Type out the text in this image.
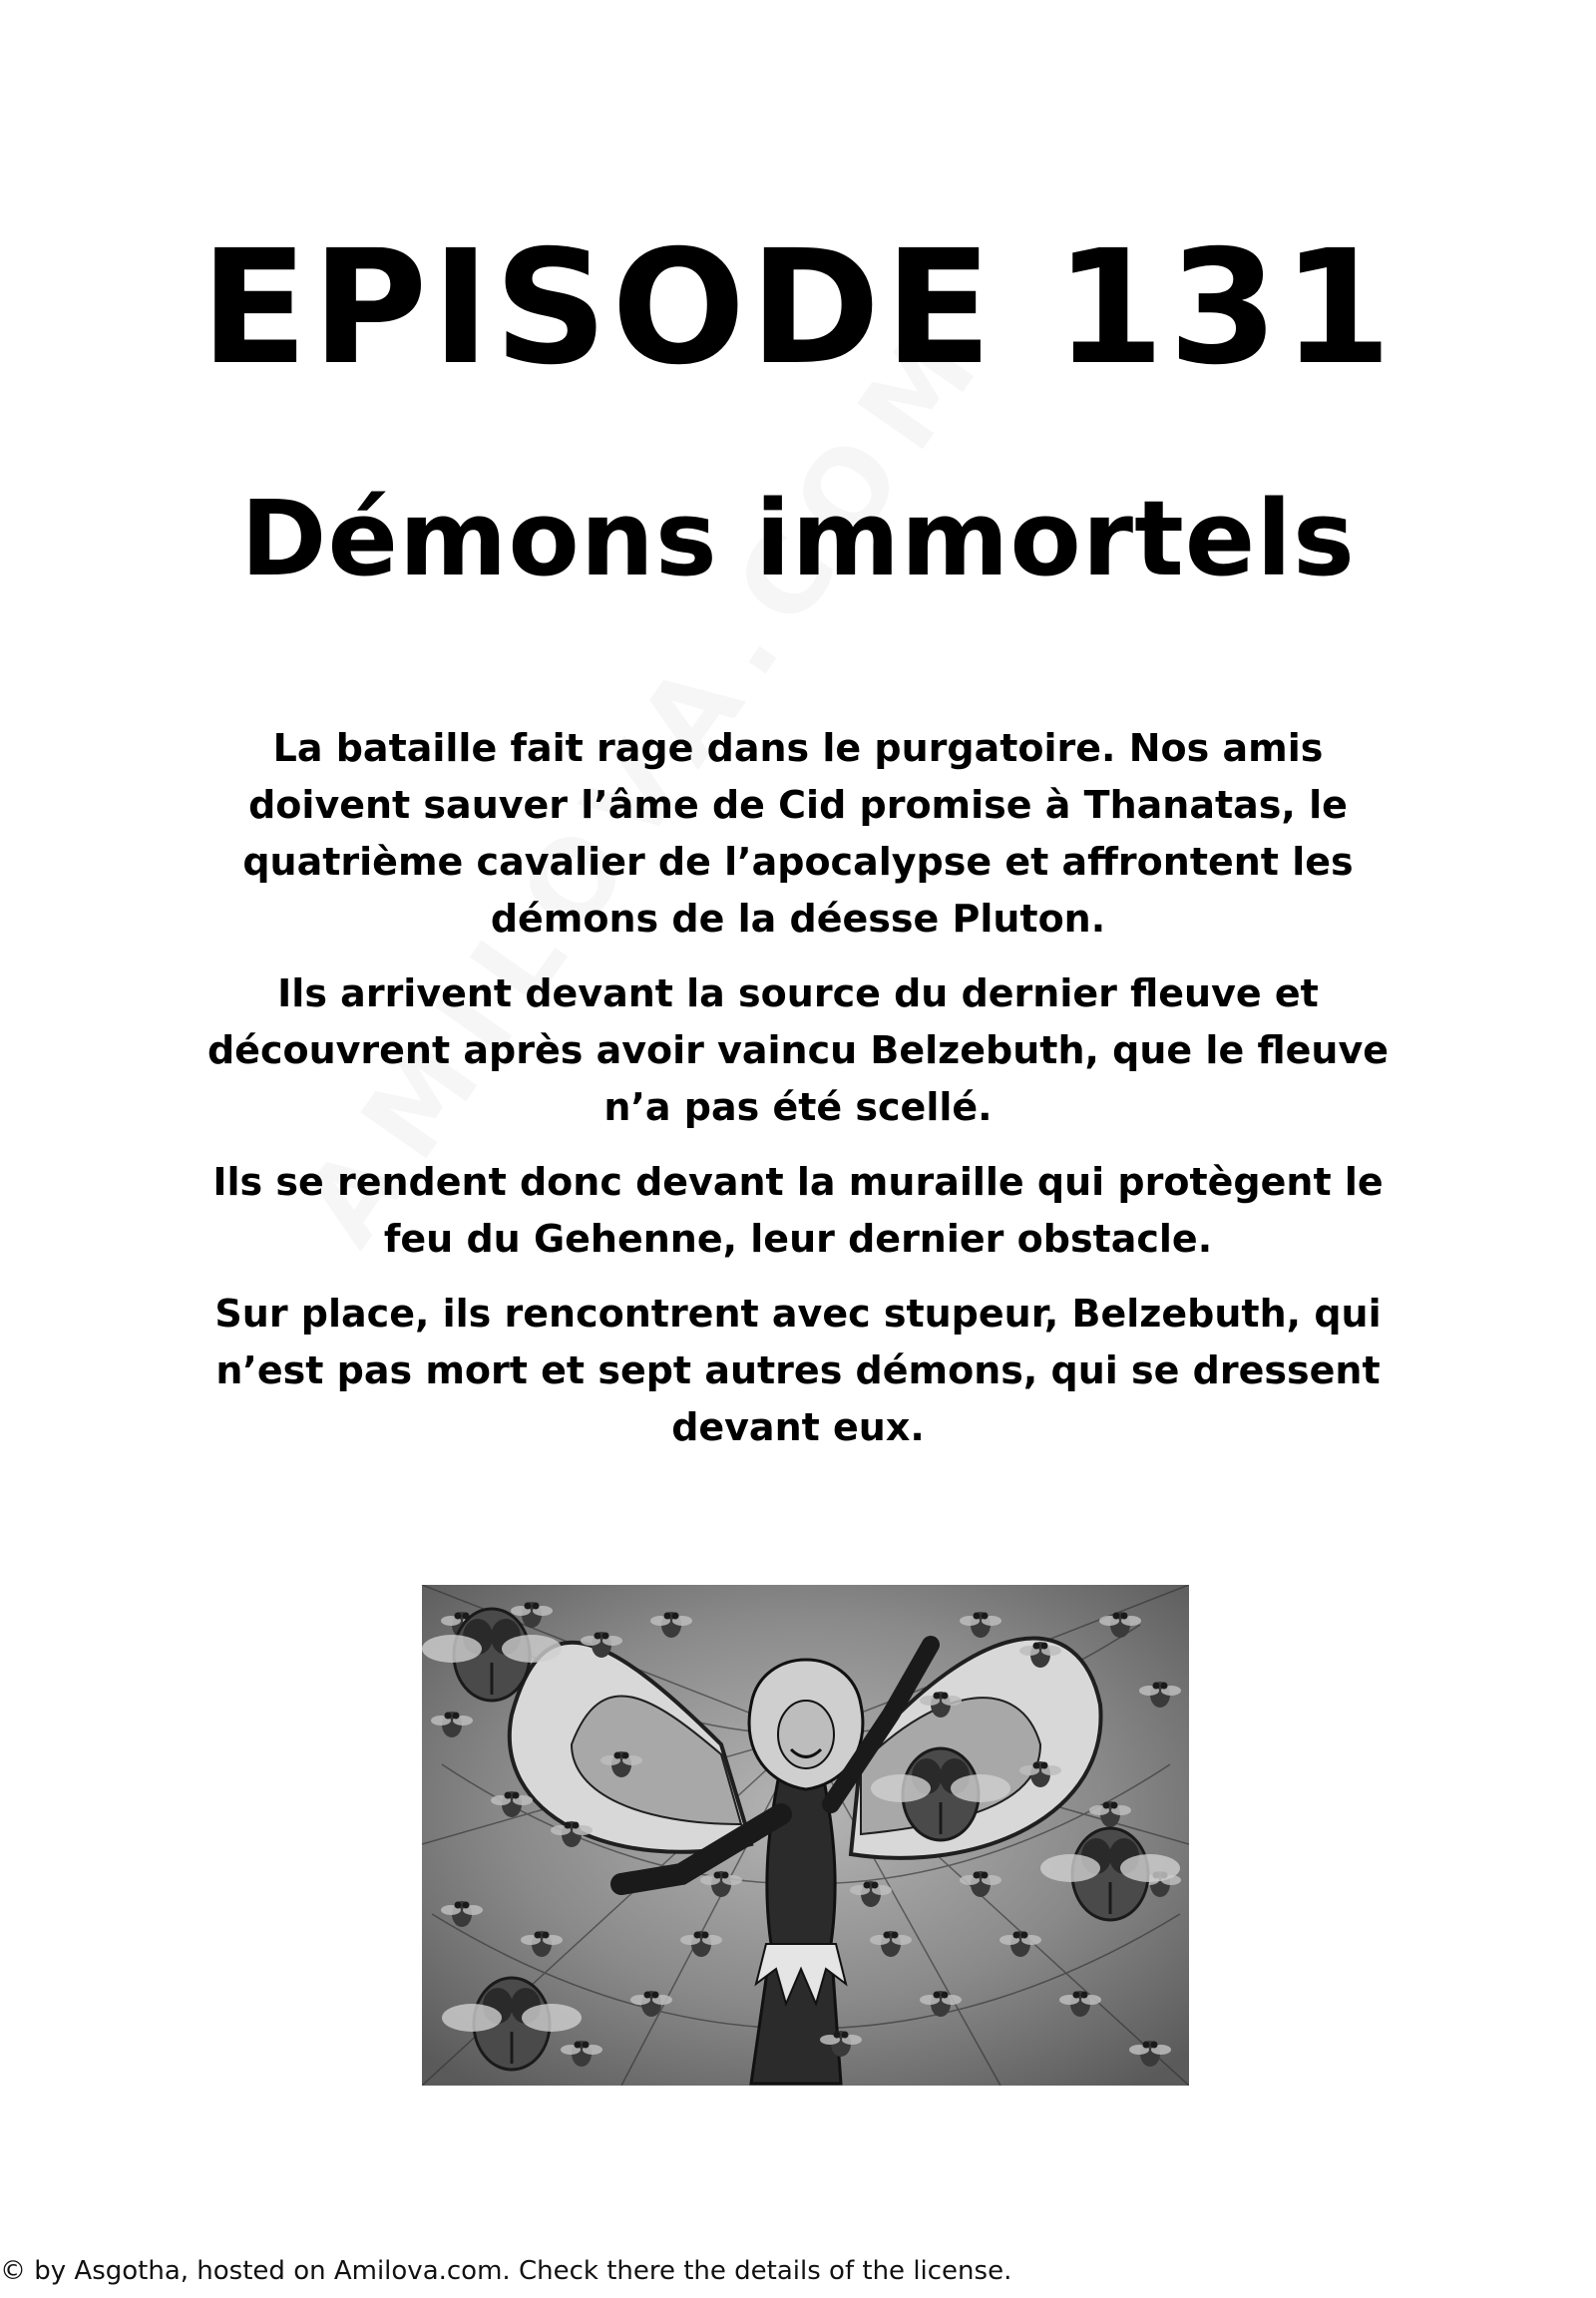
EPISODE 131
Démons immortels

La bataille fait rage dans le purgatoire. Nos amis doivent sauver l’âme de Cid promise à Thanatas, le quatrième cavalier de l’apocalypse et affrontent les démons de la déesse Pluton.

Ils arrivent devant la source du dernier fleuve et découvrent après avoir vaincu Belzebuth, que le fleuve n’a pas été scellé.

Ils se rendent donc devant la muraille qui protègent le feu du Gehenne, leur dernier obstacle.

Sur place, ils rencontrent avec stupeur, Belzebuth, qui n’est pas mort et sept autres démons, qui se dressent devant eux.

© by Asgotha, hosted on Amilova.com. Check there the details of the license.
